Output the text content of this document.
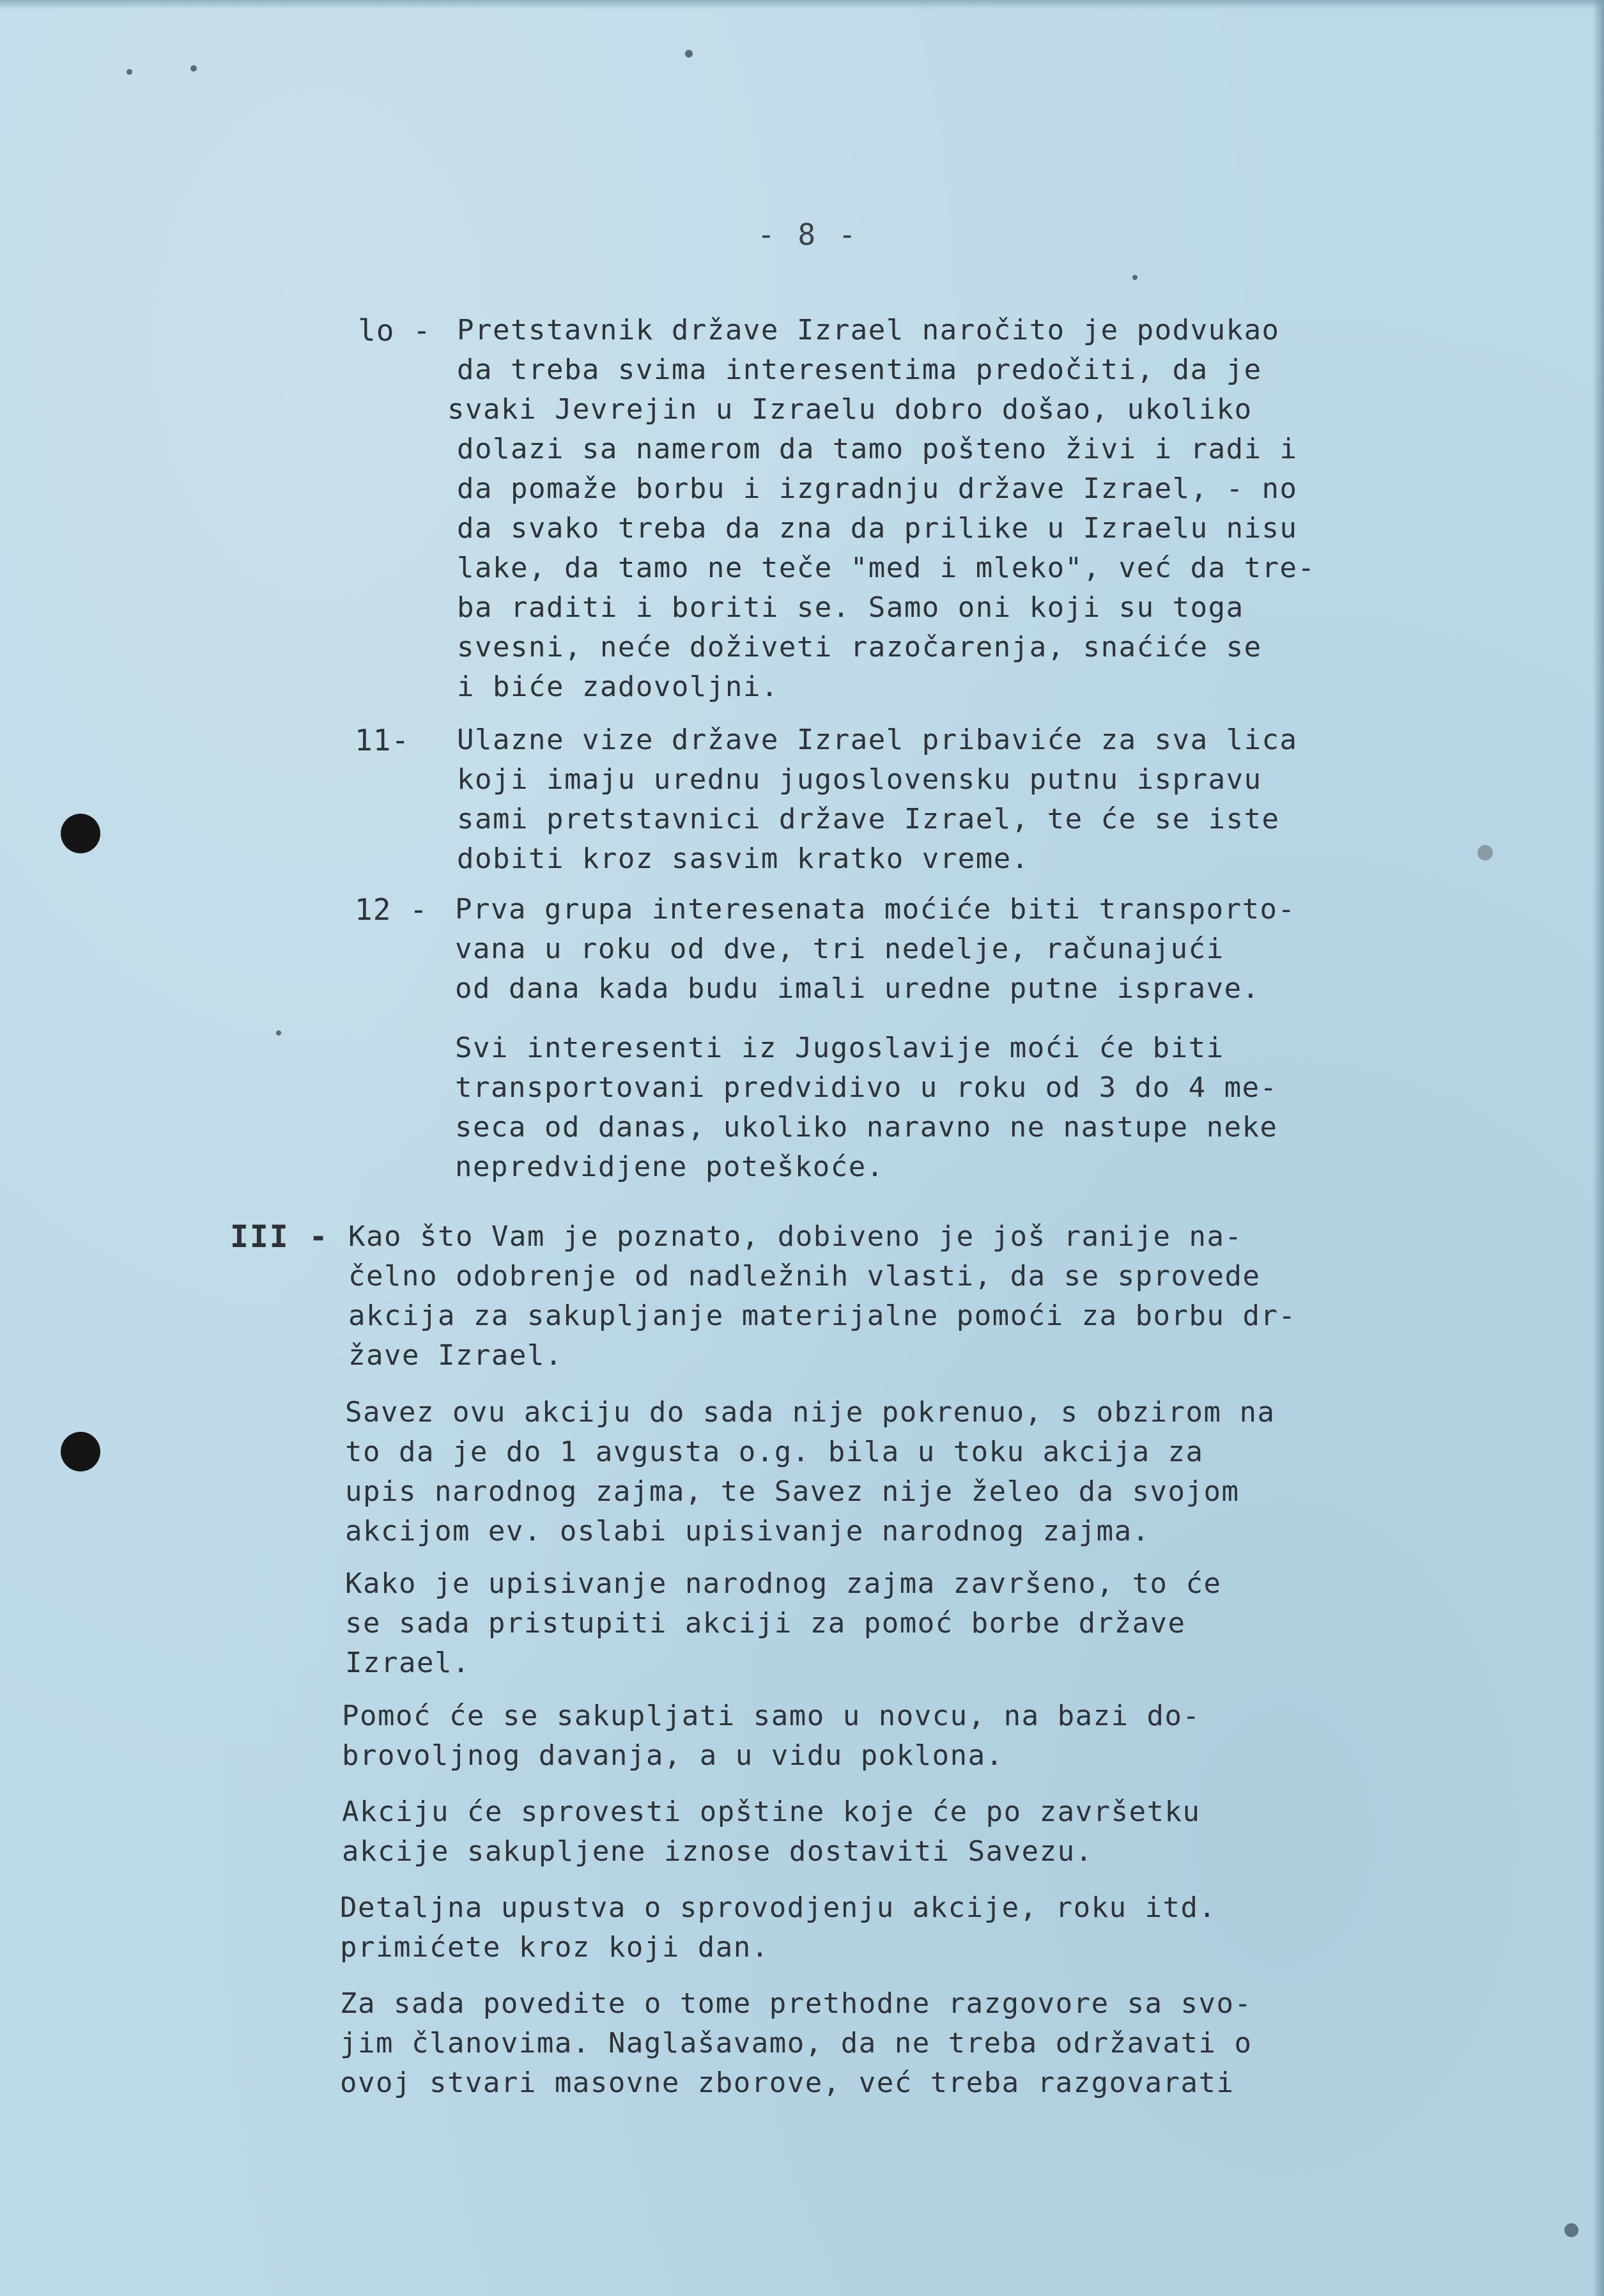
- 8 -
lo - Pretstavnik države Izrael naročito je podvukao
da treba svima interesentima predočiti, da je
svaki Jevrejin u Izraelu dobro došao, ukoliko
dolazi sa namerom da tamo pošteno živi i radi i
da pomaže borbu i izgradnju države Izrael, - no
da svako treba da zna da prilike u Izraelu nisu
lake, da tamo ne teče "med i mleko", već da tre-
ba raditi i boriti se. Samo oni koji su toga
svesni, neće doživeti razočarenja, snaćiće se
i biće zadovoljni.
11- Ulazne vize države Izrael pribaviće za sva lica
koji imaju urednu jugoslovensku putnu ispravu
sami pretstavnici države Izrael, te će se iste
dobiti kroz sasvim kratko vreme.
12 - Prva grupa interesenata moćiće biti transporto-
vana u roku od dve, tri nedelje, računajući
od dana kada budu imali uredne putne isprave.
Svi interesenti iz Jugoslavije moći će biti
transportovani predvidivo u roku od 3 do 4 me-
seca od danas, ukoliko naravno ne nastupe neke
nepredvidjene poteškoće.
III - Kao što Vam je poznato, dobiveno je još ranije na-
čelno odobrenje od nadležnih vlasti, da se sprovede
akcija za sakupljanje materijalne pomoći za borbu dr-
žave Izrael.
Savez ovu akciju do sada nije pokrenuo, s obzirom na
to da je do 1 avgusta o.g. bila u toku akcija za
upis narodnog zajma, te Savez nije želeo da svojom
akcijom ev. oslabi upisivanje narodnog zajma.
Kako je upisivanje narodnog zajma završeno, to će
se sada pristupiti akciji za pomoć borbe države
Izrael.
Pomoć će se sakupljati samo u novcu, na bazi do-
brovoljnog davanja, a u vidu poklona.
Akciju će sprovesti opštine koje će po završetku
akcije sakupljene iznose dostaviti Savezu.
Detaljna upustva o sprovodjenju akcije, roku itd.
primićete kroz koji dan.
Za sada povedite o tome prethodne razgovore sa svo-
jim članovima. Naglašavamo, da ne treba održavati o
ovoj stvari masovne zborove, već treba razgovarati
